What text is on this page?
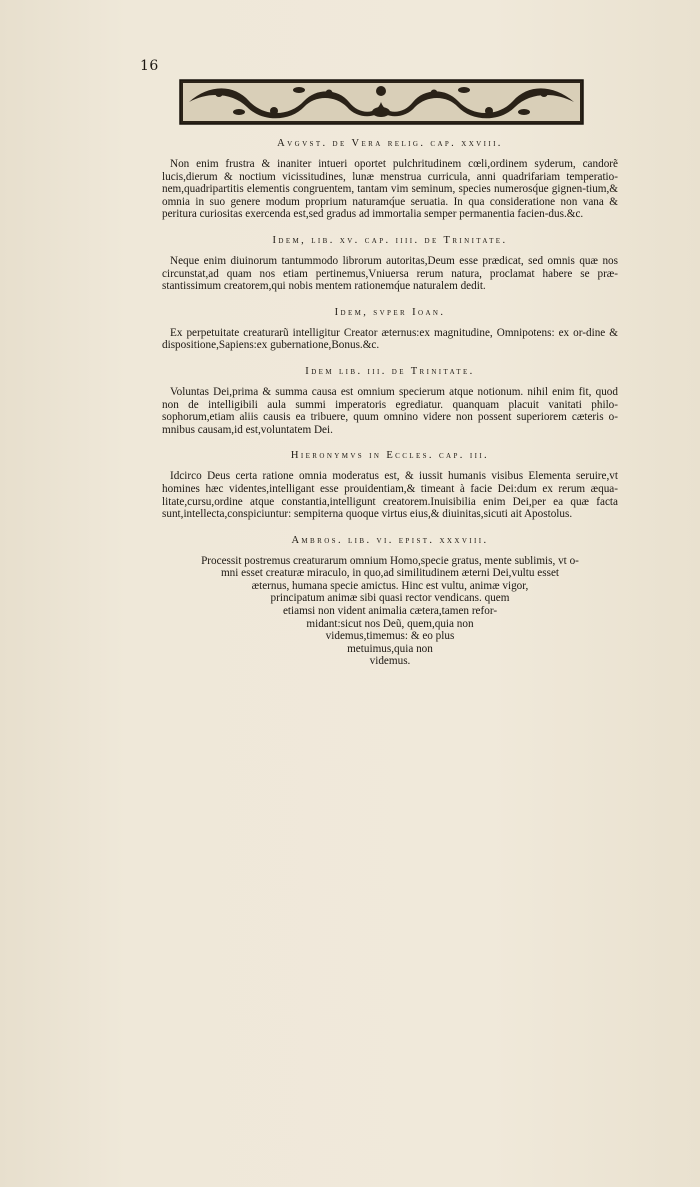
16
Avgvst. de Vera relig. cap. xxviii.

Non enim frustra & inaniter intueri oportet pulchritudinem cœli,ordinem syderum, candorẽ lucis,dierum & noctium vicissitudines, lunæ menstrua curricula, anni quadrifariam temperatio-nem,quadripartitis elementis congruentem, tantam vim seminum, species numerosq́ue gignen-tium,& omnia in suo genere modum proprium naturamq́ue seruatia. In qua consideratione non vana & peritura curiositas exercenda est,sed gradus ad immortalia semper permanentia facien-dus.&c.

Idem, lib. xv. cap. iiii. de Trinitate.

Neque enim diuinorum tantummodo librorum autoritas,Deum esse prædicat, sed omnis quæ nos circunstat,ad quam nos etiam pertinemus,Vniuersa rerum natura, proclamat habere se præ-stantissimum creatorem,qui nobis mentem rationemq́ue naturalem dedit.

Idem, svper Ioan.

Ex perpetuitate creaturarũ intelligitur Creator æternus:ex magnitudine, Omnipotens: ex or-dine & dispositione,Sapiens:ex gubernatione,Bonus.&c.

Idem lib. iii. de Trinitate.

Voluntas Dei,prima & summa causa est omnium specierum atque notionum. nihil enim fit, quod non de intelligibili aula summi imperatoris egrediatur. quanquam placuit vanitati philo-sophorum,etiam aliis causis ea tribuere, quum omnino videre non possent superiorem cæteris o-mnibus causam,id est,voluntatem Dei.

Hieronymvs in Eccles. cap. iii.

Idcirco Deus certa ratione omnia moderatus est, & iussit humanis visibus Elementa seruire,vt homines hæc videntes,intelligant esse prouidentiam,& timeant à facie Dei:dum ex rerum æqua-litate,cursu,ordine atque constantia,intelligunt creatorem.Inuisibilia enim Dei,per ea quæ facta sunt,intellecta,conspiciuntur: sempiterna quoque virtus eius,& diuinitas,sicuti ait Apostolus.

Ambros. lib. vi. epist. xxxviii.
Processit postremus creaturarum omnium Homo,specie gratus, mente sublimis, vt o-
mni esset creaturæ miraculo, in quo,ad similitudinem æterni Dei,vultu esset
æternus, humana specie amictus. Hinc est vultu, animæ vigor,
principatum animæ sibi quasi rector vendicans. quem
etiamsi non vident animalia cætera,tamen refor-
midant:sicut nos Deũ, quem,quia non
videmus,timemus: & eo plus
metuimus,quia non
videmus.
